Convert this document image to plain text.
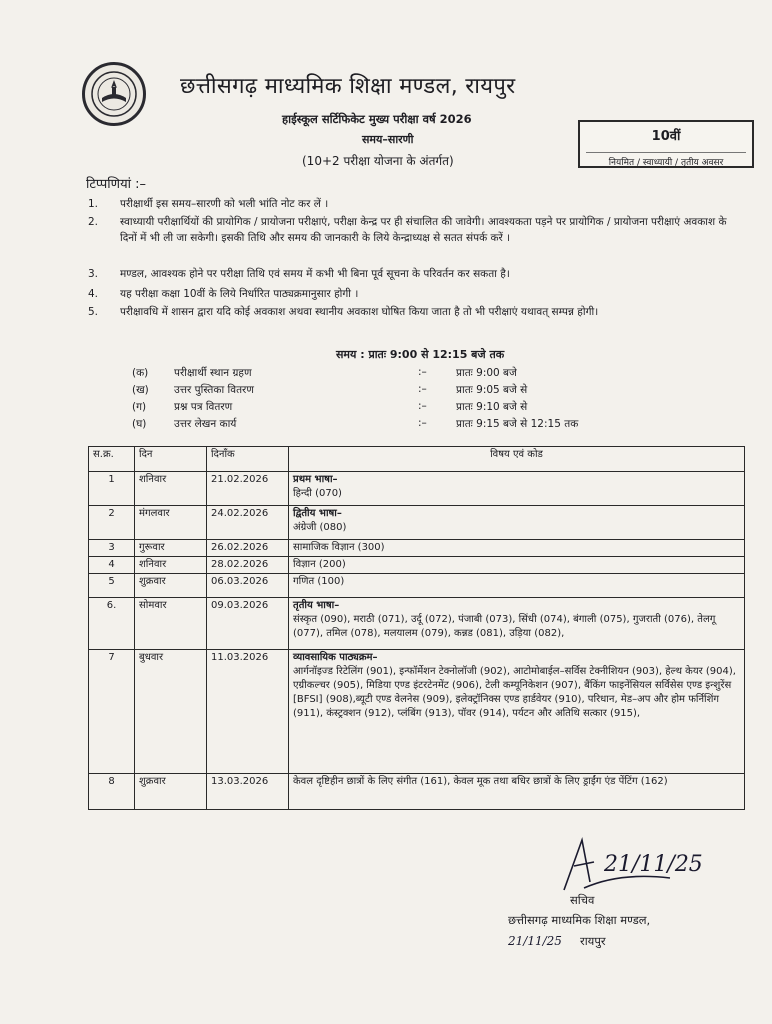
छत्तीसगढ़ माध्यमिक शिक्षा मण्डल, रायपुर
हाईस्कूल सर्टिफिकेट मुख्य परीक्षा वर्ष 2026
समय–सारणी
(10+2 परीक्षा योजना के अंतर्गत)
10वीं
नियमित / स्वाध्यायी / तृतीय अवसर
टिप्पणियां :–
1. परीक्षार्थी इस समय–सारणी को भली भांति नोट कर लें ।
2. स्वाध्यायी परीक्षार्थियों की प्रायोगिक / प्रायोजना परीक्षाएं, परीक्षा केन्द्र पर ही संचालित की जावेगी। आवश्यकता पड़ने पर प्रायोगिक / प्रायोजना परीक्षाएं अवकाश के दिनों में भी ली जा सकेगी। इसकी तिथि और समय की जानकारी के लिये केन्द्राध्यक्ष से सतत संपर्क करें ।
3. मण्डल, आवश्यक होने पर परीक्षा तिथि एवं समय में कभी भी बिना पूर्व सूचना के परिवर्तन कर सकता है।
4. यह परीक्षा कक्षा 10वीं के लिये निर्धारित पाठ्यक्रमानुसार होगी ।
5. परीक्षावधि में शासन द्वारा यदि कोई अवकाश अथवा स्थानीय अवकाश घोषित किया जाता है तो भी परीक्षाएं यथावत् सम्पन्न होगी।
समय : प्रातः 9:00 से 12:15 बजे तक
(क) परीक्षार्थी स्थान ग्रहण	:–	प्रातः 9:00 बजे
(ख) उत्तर पुस्तिका वितरण	:–	प्रातः 9:05 बजे से
(ग)	प्रश्न पत्र वितरण	:–	प्रातः 9:10 बजे से
(घ)	उत्तर लेखन कार्य	:–	प्रातः 9:15 बजे से 12:15 तक
स.क्र.	दिन	दिनाँक	विषय एवं कोड
1	शनिवार	21.02.2026	प्रथम भाषा–
हिन्दी (070)
2	मंगलवार	24.02.2026	द्वितीय भाषा–
अंग्रेजी (080)
3	गुरूवार	26.02.2026	सामाजिक विज्ञान (300)
4	शनिवार	28.02.2026	विज्ञान (200)
5	शुक्रवार	06.03.2026	गणित (100)
6.	सोमवार	09.03.2026	तृतीय भाषा–
संस्कृत (090), मराठी (071), उर्दू (072), पंजाबी (073), सिंधी (074), बंगाली (075), गुजराती (076), तेलगू (077), तमिल (078), मलयालम (079), कन्नड (081), उड़िया (082),
7	बुधवार	11.03.2026	व्यावसायिक पाठ्यक्रम–
आर्गनॉइज्ड रिटेलिंग (901), इन्फॉर्मेशन टेक्नोलॉजी (902), आटोमोबाईल–सर्विस टेक्नीशियन (903), हेल्थ केयर (904), एग्रीकल्चर (905), मिडिया एण्ड इंटरटेनमेंट (906), टेली कम्यूनिकेशन (907), बैंकिंग फाइनेंसियल सर्विसेस एण्ड इन्शुरेंस [BFSI] (908),ब्यूटी एण्ड वेलनेस (909), इलेक्ट्रॉनिक्स एण्ड हार्डवेयर (910), परिधान, मेड–अप और होम फर्निशिंग (911), कंस्ट्रक्शन (912), प्लंबिंग (913), पॉवर (914), पर्यटन और अतिथि सत्कार (915),
8	शुक्रवार	13.03.2026	केवल दृष्टिहीन छात्रों के लिए संगीत (161), केवल मूक तथा बधिर छात्रों के लिए ड्राईंग एंड पेंटिंग (162)
21/11/25
सचिव
छत्तीसगढ़ माध्यमिक शिक्षा मण्डल,
21/11/25 रायपुर
